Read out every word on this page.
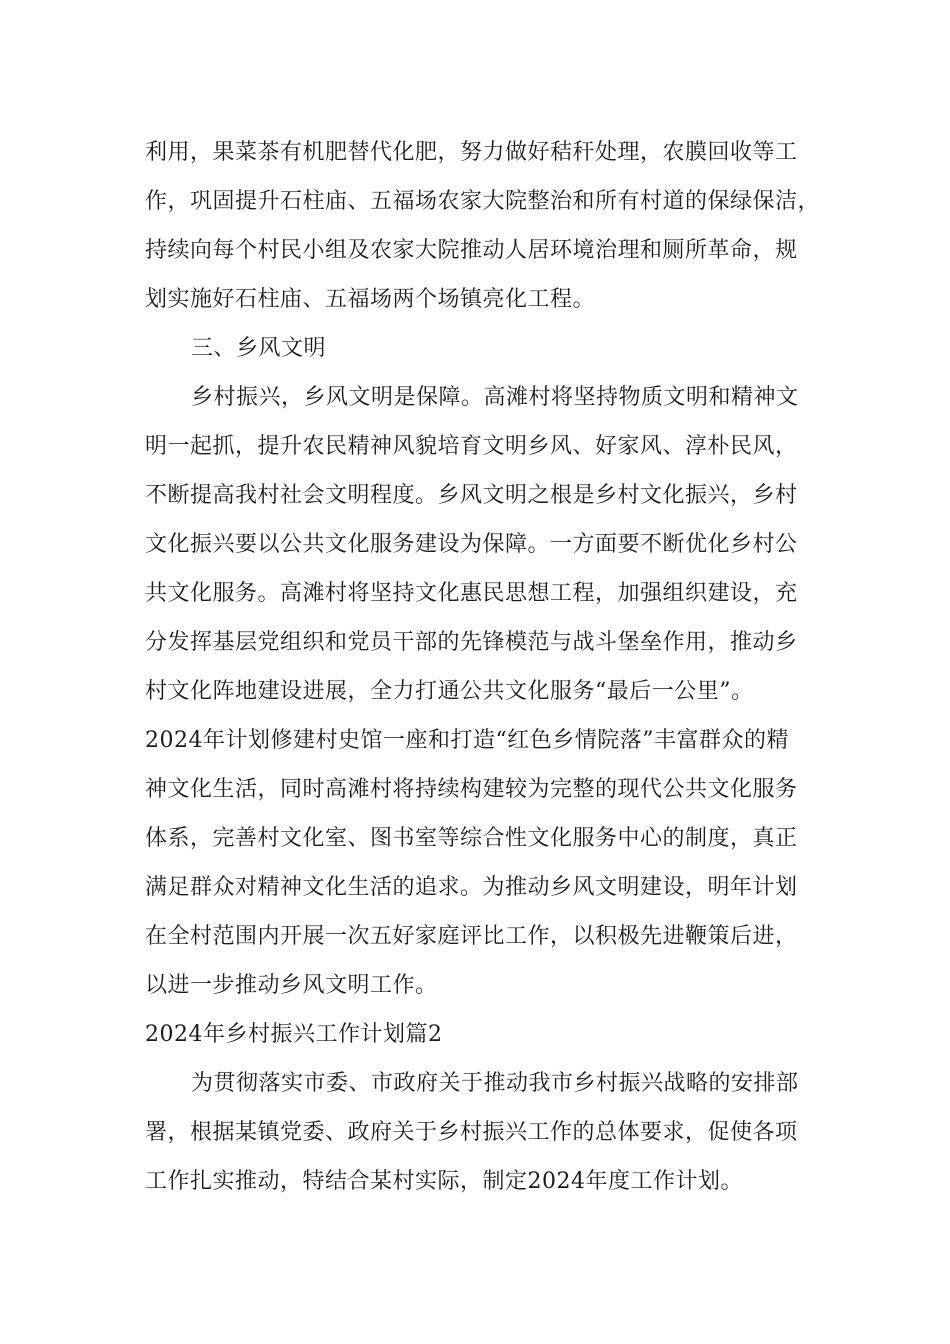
利用，果菜茶有机肥替代化肥，努力做好秸秆处理，农膜回收等工
作，巩固提升石柱庙、五福场农家大院整治和所有村道的保绿保洁，
持续向每个村民小组及农家大院推动人居环境治理和厕所革命，规
划实施好石柱庙、五福场两个场镇亮化工程。
三、乡风文明
乡村振兴，乡风文明是保障。高滩村将坚持物质文明和精神文
明一起抓，提升农民精神风貌培育文明乡风、好家风、淳朴民风，
不断提高我村社会文明程度。乡风文明之根是乡村文化振兴，乡村
文化振兴要以公共文化服务建设为保障。一方面要不断优化乡村公
共文化服务。高滩村将坚持文化惠民思想工程，加强组织建设，充
分发挥基层党组织和党员干部的先锋模范与战斗堡垒作用，推动乡
村文化阵地建设进展，全力打通公共文化服务“最后一公里”。
2024年计划修建村史馆一座和打造“红色乡情院落”丰富群众的精
神文化生活，同时高滩村将持续构建较为完整的现代公共文化服务
体系，完善村文化室、图书室等综合性文化服务中心的制度，真正
满足群众对精神文化生活的追求。为推动乡风文明建设，明年计划
在全村范围内开展一次五好家庭评比工作，以积极先进鞭策后进，
以进一步推动乡风文明工作。
2024年乡村振兴工作计划篇2
为贯彻落实市委、市政府关于推动我市乡村振兴战略的安排部
署，根据某镇党委、政府关于乡村振兴工作的总体要求，促使各项
工作扎实推动，特结合某村实际，制定2024年度工作计划。
